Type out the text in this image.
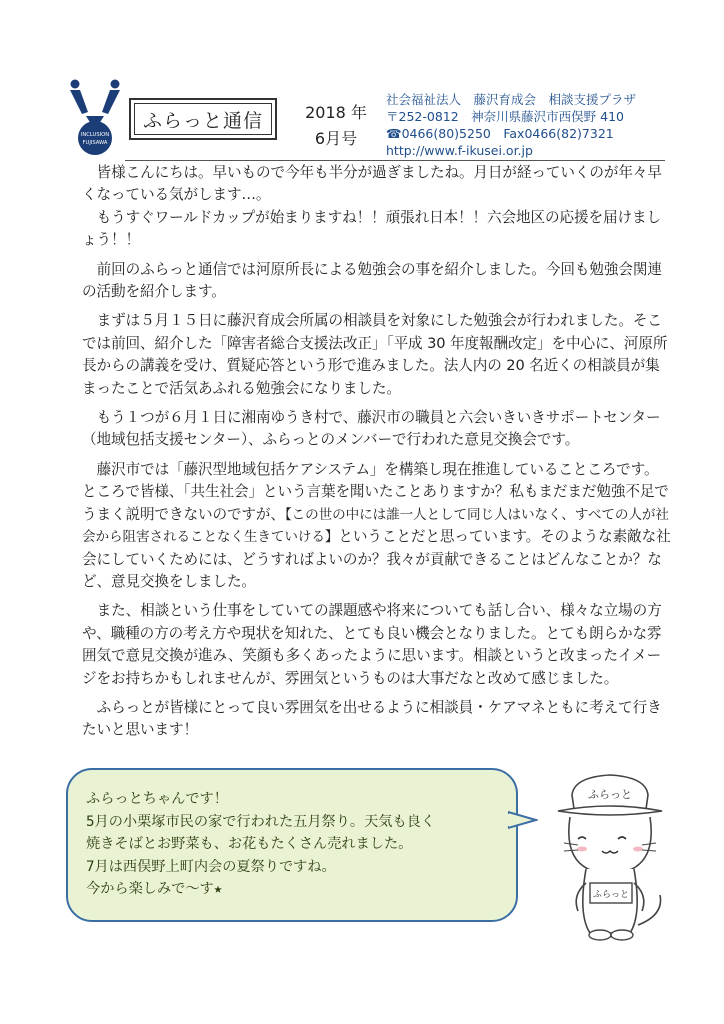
INCLUSION
FUJISAWA
ふらっと通信	2018 年
6月号
社会福祉法人　藤沢育成会　相談支援プラザ
〒252-0812　神奈川県藤沢市西俣野 410
☎0466(80)5250　Fax0466(82)7321
http://www.f-ikusei.or.jp

皆様こんにちは。早いもので今年も半分が過ぎましたね。月日が経っていくのが年々早くなっている気がします…。

もうすぐワールドカップが始まりますね！！頑張れ日本！！六会地区の応援を届けましょう！！

前回のふらっと通信では河原所長による勉強会の事を紹介しました。今回も勉強会関連の活動を紹介します。

まずは５月１５日に藤沢育成会所属の相談員を対象にした勉強会が行われました。そこでは前回、紹介した「障害者総合支援法改正」「平成 30 年度報酬改定」を中心に、河原所長からの講義を受け、質疑応答という形で進みました。法人内の 20 名近くの相談員が集まったことで活気あふれる勉強会になりました。

もう１つが６月１日に湘南ゆうき村で、藤沢市の職員と六会いきいきサポートセンター（地域包括支援センター）、ふらっとのメンバーで行われた意見交換会です。

藤沢市では「藤沢型地域包括ケアシステム」を構築し現在推進していることころです。ところで皆様、「共生社会」という言葉を聞いたことありますか？私もまだまだ勉強不足でうまく説明できないのですが、【この世の中には誰一人として同じ人はいなく、すべての人が社会から阻害されることなく生きていける】ということだと思っています。そのような素敵な社会にしていくためには、どうすればよいのか？我々が貢献できることはどんなことか？など、意見交換をしました。

また、相談という仕事をしていての課題感や将来についても話し合い、様々な立場の方や、職種の方の考え方や現状を知れた、とても良い機会となりました。とても朗らかな雰囲気で意見交換が進み、笑顔も多くあったように思います。相談というと改まったイメージをお持ちかもしれませんが、雰囲気というものは大事だなと改めて感じました。

ふらっとが皆様にとって良い雰囲気を出せるように相談員・ケアマネともに考えて行きたいと思います！

ふらっとちゃんです！
5月の小栗塚市民の家で行われた五月祭り。天気も良く
焼きそばとお野菜も、お花もたくさん売れました。
7月は西俣野上町内会の夏祭りですね。
今から楽しみで～す★
ふらっと
ふらっと
